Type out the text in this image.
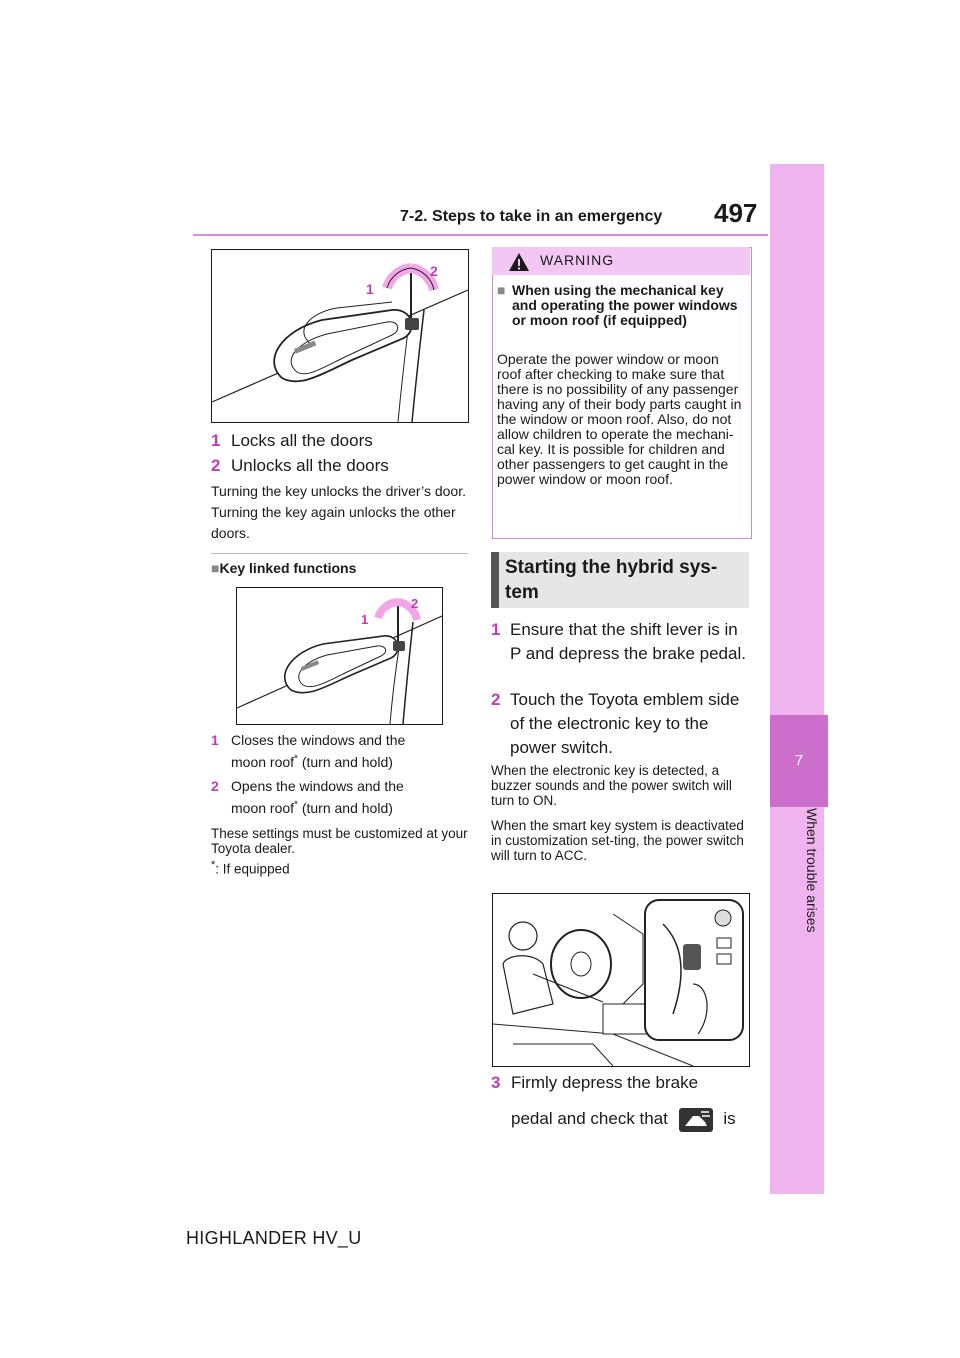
7-2. Steps to take in an emergency	497
7
When trouble arises
1
2
1 Locks all the doors
2 Unlocks all the doors
Turning the key unlocks the driver’s door. Turning the key again unlocks the other doors.
■Key linked functions
1
2
1 Closes the windows and the
moon roof* (turn and hold)
2 Opens the windows and the
moon roof* (turn and hold)
These settings must be customized at your Toyota dealer.
*: If equipped
WARNING
■ When using the mechanical key and operating the power windows or moon roof (if equipped)
Operate the power window or moon roof after checking to make sure that there is no possibility of any passenger having any of their body parts caught in the window or moon roof. Also, do not allow children to operate the mechani-cal key. It is possible for children and other passengers to get caught in the power window or moon roof.
Starting the hybrid sys-tem
1 Ensure that the shift lever is in P and depress the brake pedal.
2 Touch the Toyota emblem side of the electronic key to the power switch.
When the electronic key is detected, a buzzer sounds and the power switch will turn to ON.
When the smart key system is deactivated in customization set-ting, the power switch will turn to ACC.
3 Firmly depress the brake
pedal and check that	is
HIGHLANDER HV_U
